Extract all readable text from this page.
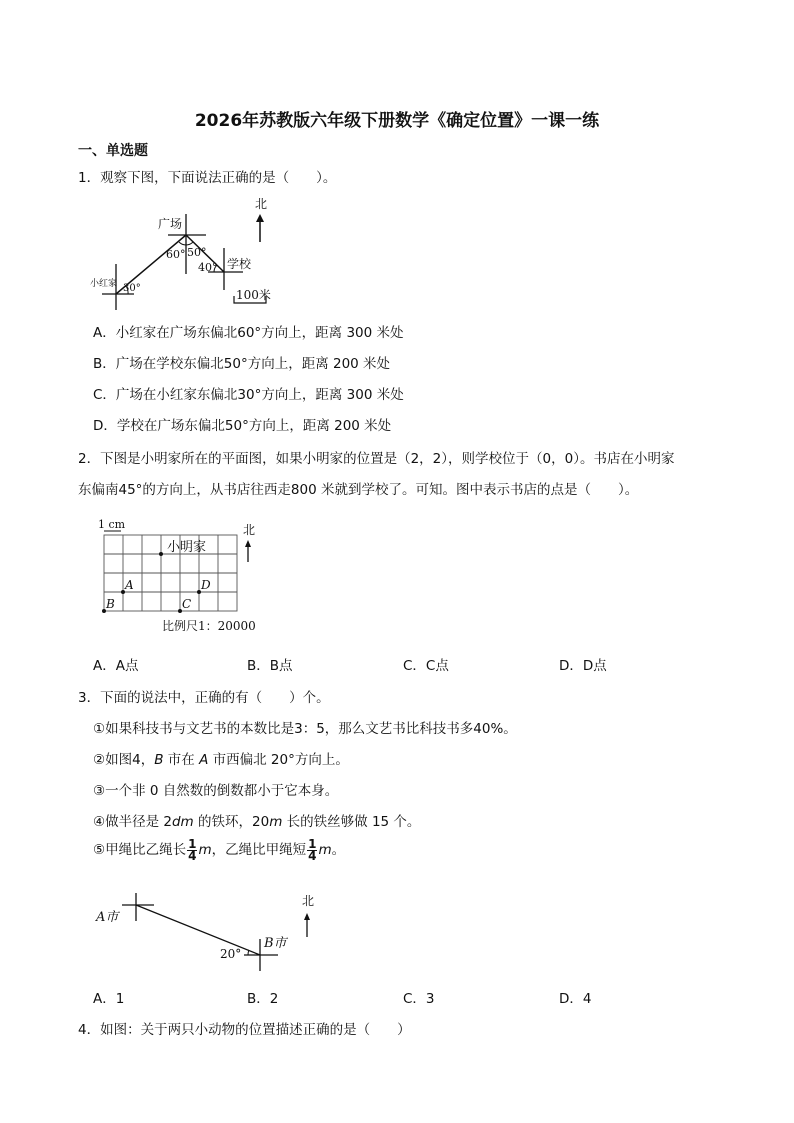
2026年苏教版六年级下册数学《确定位置》一课一练
一、单选题
1．观察下图，下面说法正确的是（　　）。
广场
小红家
学校
60° 50°
40°
30°
北
100米
A．小红家在广场东偏北60°方向上，距离 300 米处
B．广场在学校东偏北50°方向上，距离 200 米处
C．广场在小红家东偏北30°方向上，距离 300 米处
D．学校在广场东偏北50°方向上，距离 200 米处
2．下图是小明家所在的平面图，如果小明家的位置是（2，2），则学校位于（0，0）。书店在小明家
东偏南45°的方向上，从书店往西走800 米就到学校了。可知。图中表示书店的点是（　　）。
1 cm
小明家
A
B	C
D
北
比例尺1：20000
A．A点	B．B点	C．C点	D．D点
3．下面的说法中，正确的有（　　）个。
①如果科技书与文艺书的本数比是3：5，那么文艺书比科技书多40%。
②如图4，B 市在 A 市西偏北 20°方向上。
③一个非 0 自然数的倒数都小于它本身。
④做半径是 2dm 的铁环，20m 长的铁丝够做 15 个。
⑤甲绳比乙绳长 $\frac{1}{4}$ m，乙绳比甲绳短 $\frac{1}{4}$ m。
A市
B市
20°
北
A．1	B．2	C．3	D．4
4．如图：关于两只小动物的位置描述正确的是（　　）
